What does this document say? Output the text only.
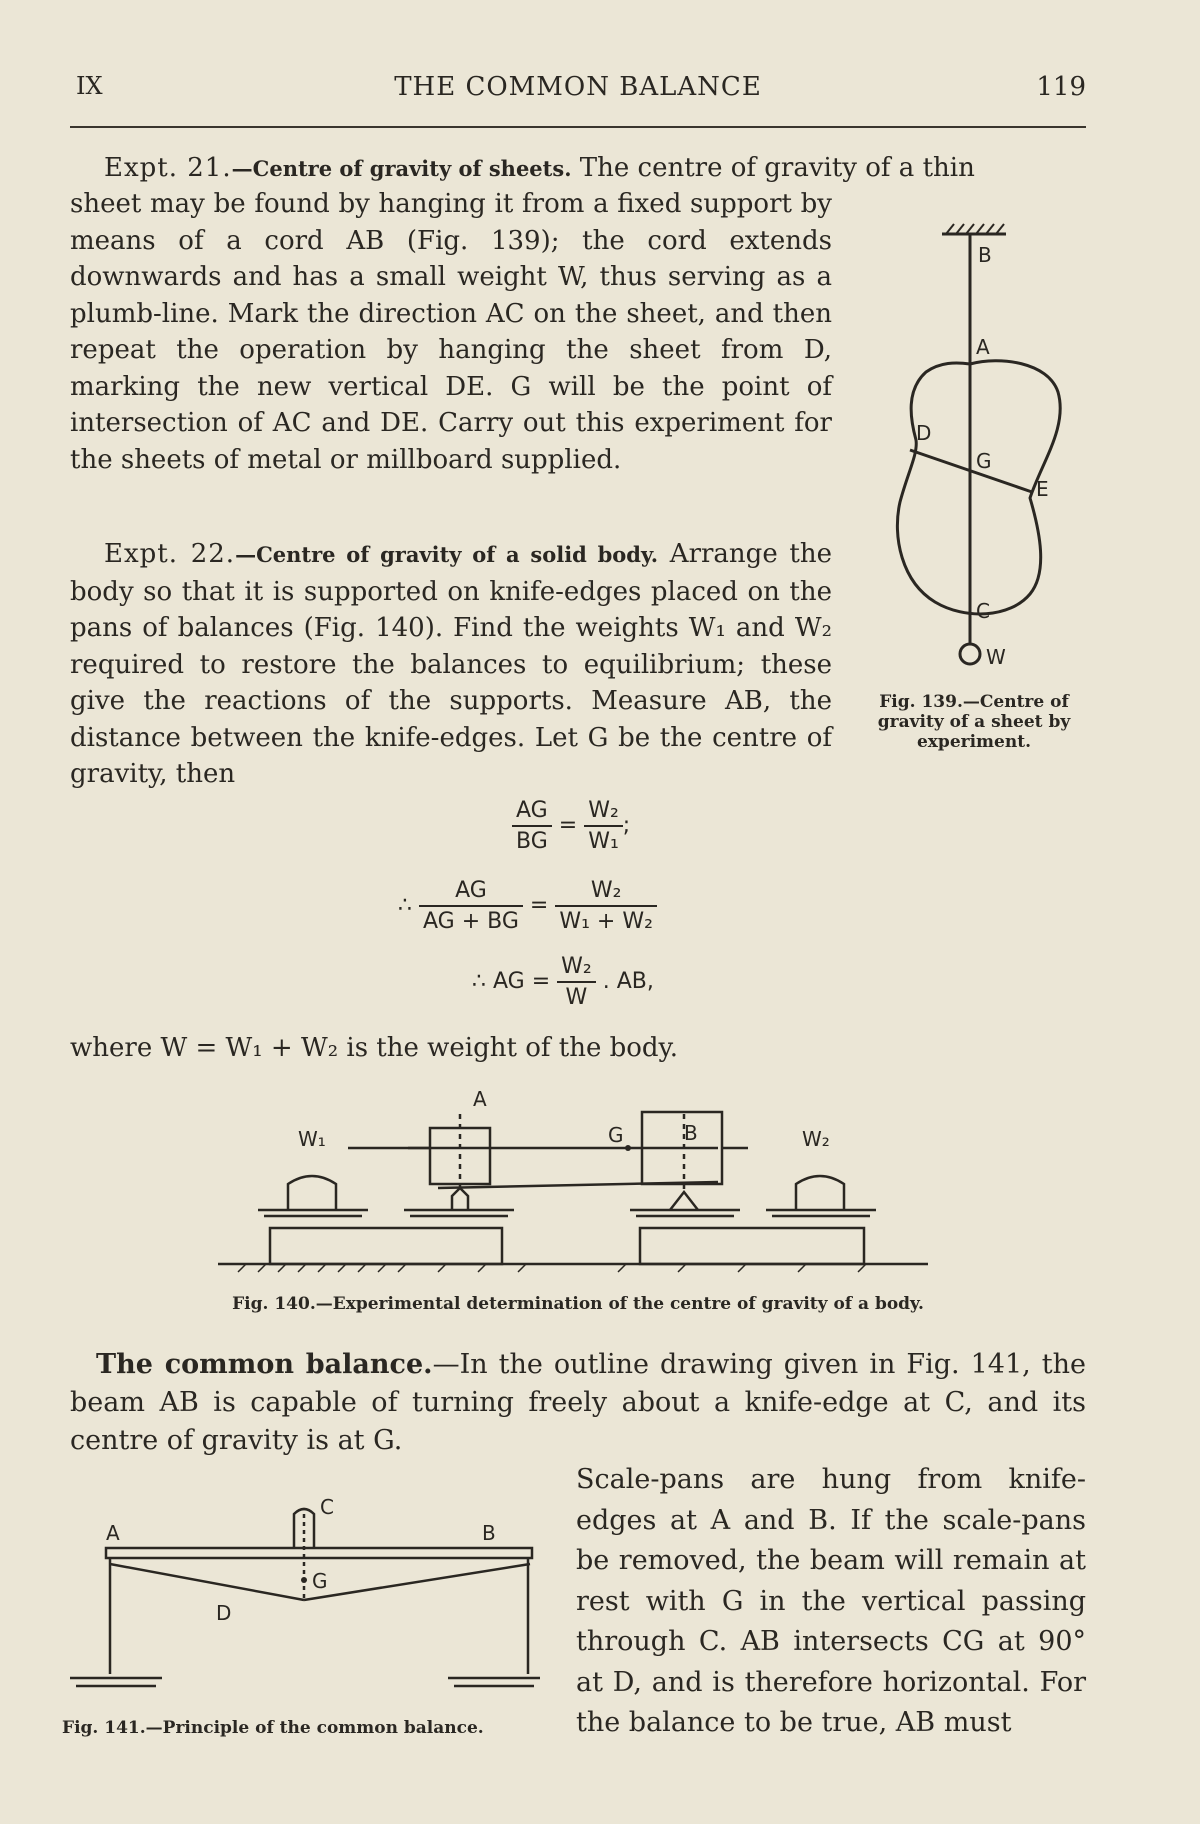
IX	THE COMMON BALANCE	119

Expt. 21.—Centre of gravity of sheets. The centre of gravity of a thin

sheet may be found by hanging it from a fixed support by means of a cord AB (Fig. 139); the cord extends downwards and has a small weight W, thus serving as a plumb-line. Mark the direction AC on the sheet, and then repeat the operation by hanging the sheet from D, marking the new vertical DE. G will be the point of intersection of AC and DE. Carry out this experiment for the sheets of metal or millboard supplied.

B
A
D
G
E
C
W

Fig. 139.—Centre of gravity of a sheet by experiment.

Expt. 22.—Centre of gravity of a solid body. Arrange the body so that it is supported on knife-edges placed on the pans of balances (Fig. 140). Find the weights W₁ and W₂ required to restore the balances to equilibrium; these give the reactions of the supports. Measure AB, the distance between the knife-edges. Let G be the centre of gravity, then

$\frac{AG}{BG} = \frac{\text{W₂}}{\text{W₁}}$ ;
∴ $\frac{AG}{AG + BG} = \frac{\text{W₂}}{\text{W₁ + W₂}}$
∴ AG = $\frac{\text{W₂}}{W}$ . AB,

where W = W₁ + W₂ is the weight of the body.

A
G	B
W₁	W₂

Fig. 140.—Experimental determination of the centre of gravity of a body.

The common balance.—In the outline drawing given in Fig. 141, the beam AB is capable of turning freely about a knife-edge at C, and its centre of gravity is at G.

Scale-pans are hung from knife-edges at A and B. If the scale-pans be removed, the beam will remain at rest with G in the vertical passing through C. AB intersects CG at 90° at D, and is therefore horizontal. For the balance to be true, AB must

A	B
C
G
D

Fig. 141.—Principle of the common balance.
